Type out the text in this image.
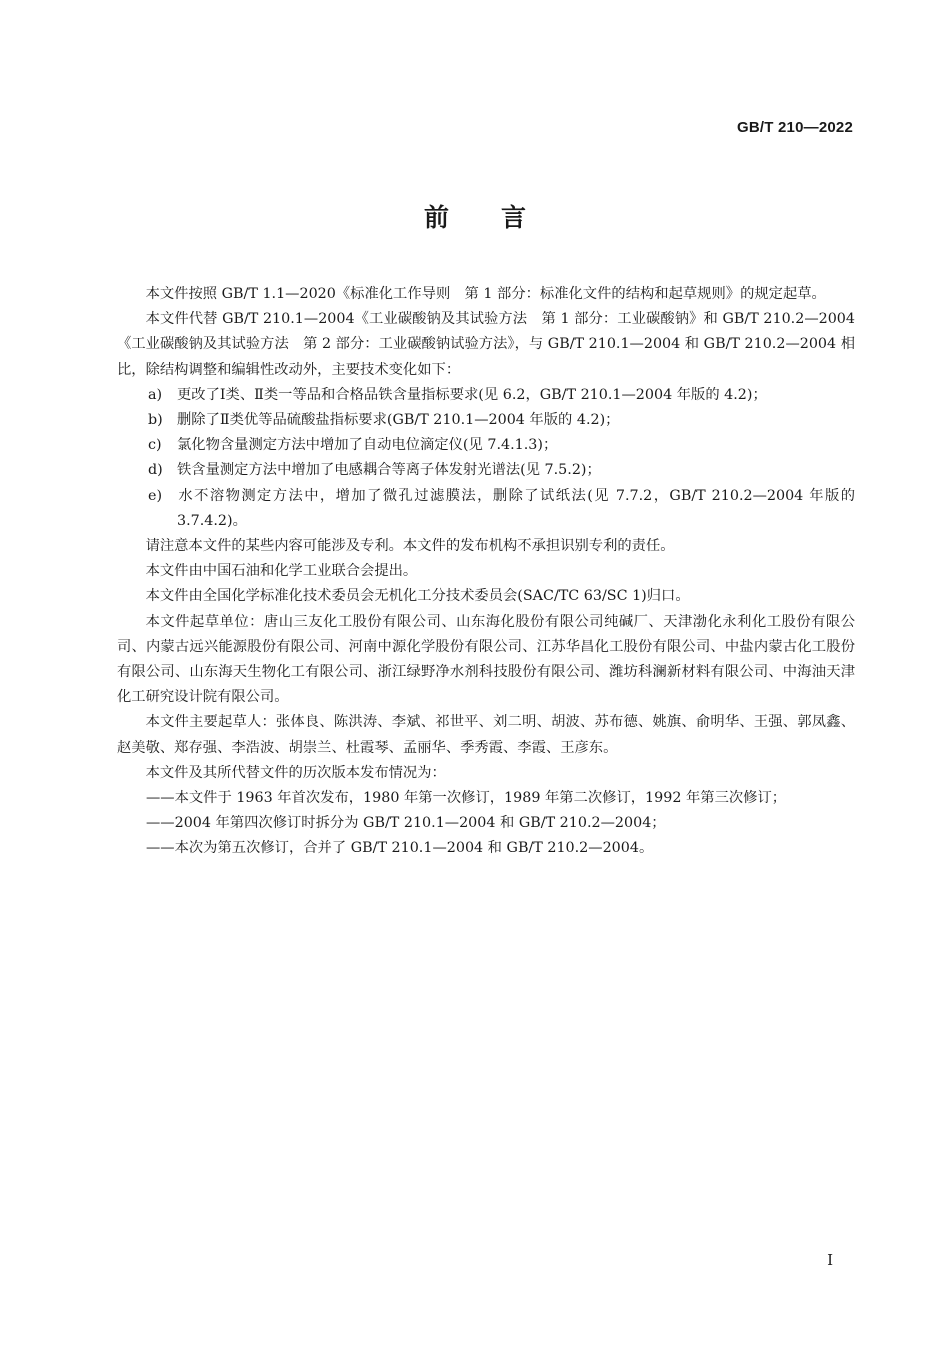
GB/T 210—2022
前 言

本文件按照 GB/T 1.1—2020《标准化工作导则　第 1 部分：标准化文件的结构和起草规则》的规定起草。

本文件代替 GB/T 210.1—2004《工业碳酸钠及其试验方法　第 1 部分：工业碳酸钠》和 GB/T 210.2—2004《工业碳酸钠及其试验方法　第 2 部分：工业碳酸钠试验方法》，与 GB/T 210.1—2004 和 GB/T 210.2—2004 相比，除结构调整和编辑性改动外，主要技术变化如下：

a) 更改了Ⅰ类、Ⅱ类一等品和合格品铁含量指标要求(见 6.2，GB/T 210.1—2004 年版的 4.2)；

b) 删除了Ⅱ类优等品硫酸盐指标要求(GB/T 210.1—2004 年版的 4.2)；

c) 氯化物含量测定方法中增加了自动电位滴定仪(见 7.4.1.3)；

d) 铁含量测定方法中增加了电感耦合等离子体发射光谱法(见 7.5.2)；

e) 水不溶物测定方法中，增加了微孔过滤膜法，删除了试纸法(见 7.7.2，GB/T 210.2—2004 年版的 3.7.4.2)。

请注意本文件的某些内容可能涉及专利。本文件的发布机构不承担识别专利的责任。

本文件由中国石油和化学工业联合会提出。

本文件由全国化学标准化技术委员会无机化工分技术委员会(SAC/TC 63/SC 1)归口。

本文件起草单位：唐山三友化工股份有限公司、山东海化股份有限公司纯碱厂、天津渤化永利化工股份有限公司、内蒙古远兴能源股份有限公司、河南中源化学股份有限公司、江苏华昌化工股份有限公司、中盐内蒙古化工股份有限公司、山东海天生物化工有限公司、浙江绿野净水剂科技股份有限公司、潍坊科澜新材料有限公司、中海油天津化工研究设计院有限公司。

本文件主要起草人：张体良、陈洪涛、李斌、祁世平、刘二明、胡波、苏布德、姚旗、俞明华、王强、郭凤鑫、赵美敬、郑存强、李浩波、胡崇兰、杜霞琴、孟丽华、季秀霞、李霞、王彦东。

本文件及其所代替文件的历次版本发布情况为：

——本文件于 1963 年首次发布，1980 年第一次修订，1989 年第二次修订，1992 年第三次修订；

——2004 年第四次修订时拆分为 GB/T 210.1—2004 和 GB/T 210.2—2004；

——本次为第五次修订，合并了 GB/T 210.1—2004 和 GB/T 210.2—2004。

I
